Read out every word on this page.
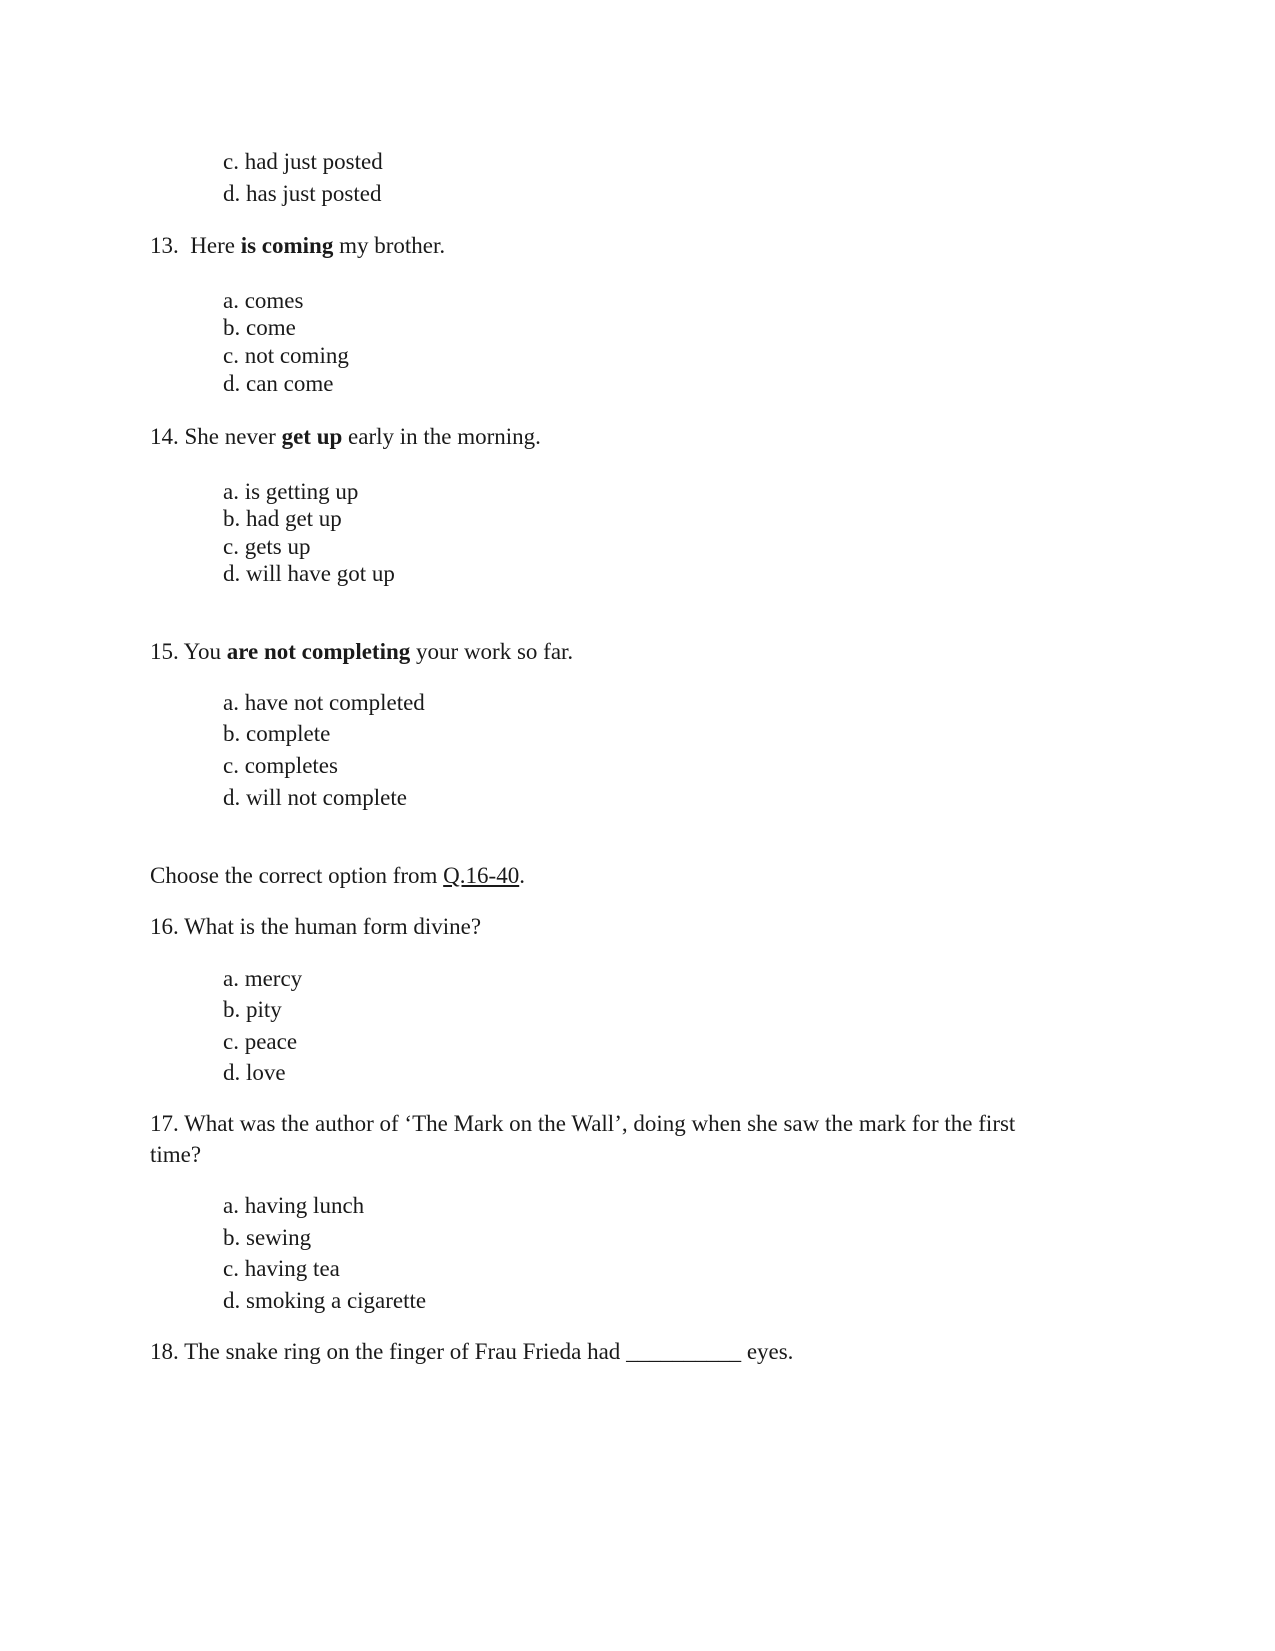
c. had just posted
d. has just posted
13. Here is coming my brother.
a. comes
b. come
c. not coming
d. can come
14. She never get up early in the morning.
a. is getting up
b. had get up
c. gets up
d. will have got up
15. You are not completing your work so far.
a. have not completed
b. complete
c. completes
d. will not complete
Choose the correct option from Q.16-40.
16. What is the human form divine?
a. mercy
b. pity
c. peace
d. love
17. What was the author of ‘The Mark on the Wall’, doing when she saw the mark for the first
time?
a. having lunch
b. sewing
c. having tea
d. smoking a cigarette
18. The snake ring on the finger of Frau Frieda had __________ eyes.
